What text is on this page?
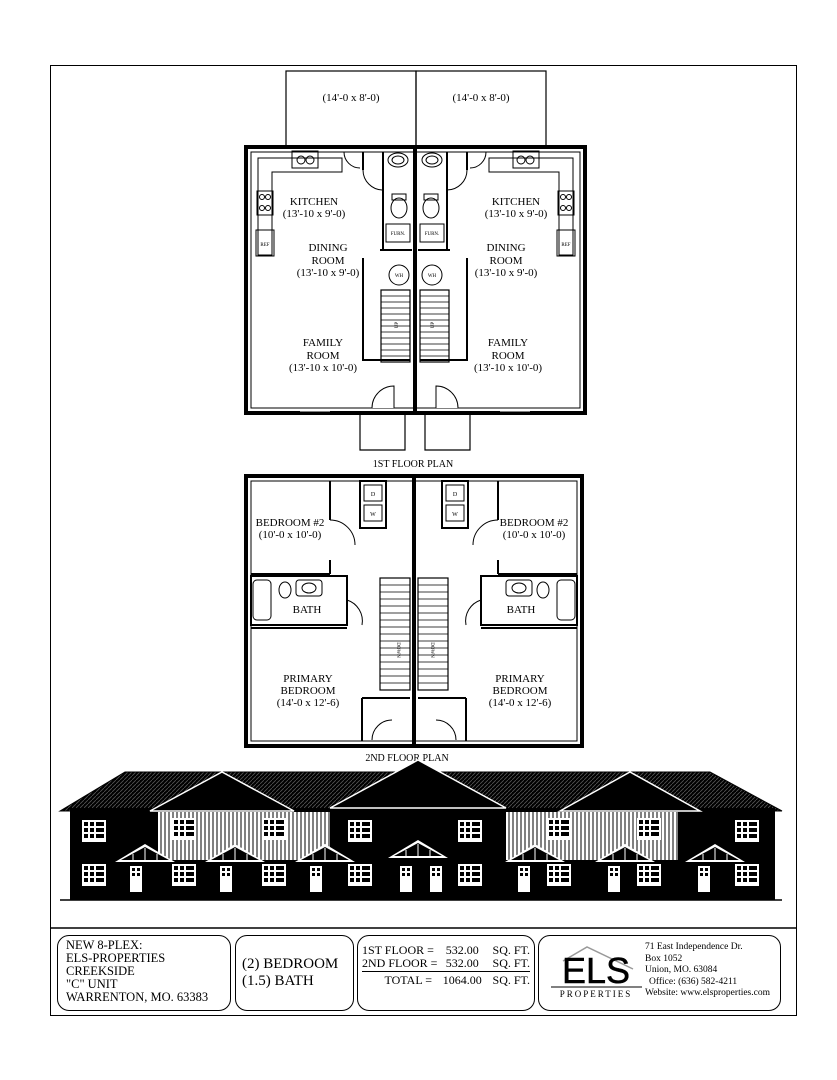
(14'-0 x 8'-0)	(14'-0 x 8'-0)
KITCHEN
(13'-10 x 9'-0)
KITCHEN
(13'-10 x 9'-0)
DINING
ROOM
(13'-10 x 9'-0)
DINING
ROOM
(13'-10 x 9'-0)
FAMILY
ROOM
(13'-10 x 10'-0)
FAMILY
ROOM
(13'-10 x 10'-0)
REF	REF
FURN.	FURN.
WH	WH
UP	UP
1ST FLOOR PLAN
BEDROOM #2
(10'-0 x 10'-0)
BEDROOM #2
(10'-0 x 10'-0)
BATH	BATH
PRIMARY
BEDROOM
(14'-0 x 12'-6)
PRIMARY
BEDROOM
(14'-0 x 12'-6)
D
W
D
W
DOWN	DOWN
2ND FLOOR PLAN
NEW 8-PLEX:
ELS-PROPERTIES
CREEKSIDE
"C" UNIT
WARRENTON, MO. 63383
(2) BEDROOM
(1.5) BATH
1ST FLOOR = 532.00 SQ. FT.
2ND FLOOR = 532.00 SQ. FT.
TOTAL = 1064.00 SQ. FT. ELS
PROPERTIES
71 East Independence Dr.
Box 1052
Union, MO. 63084
Office: (636) 582-4211
Website: www.elsproperties.com
